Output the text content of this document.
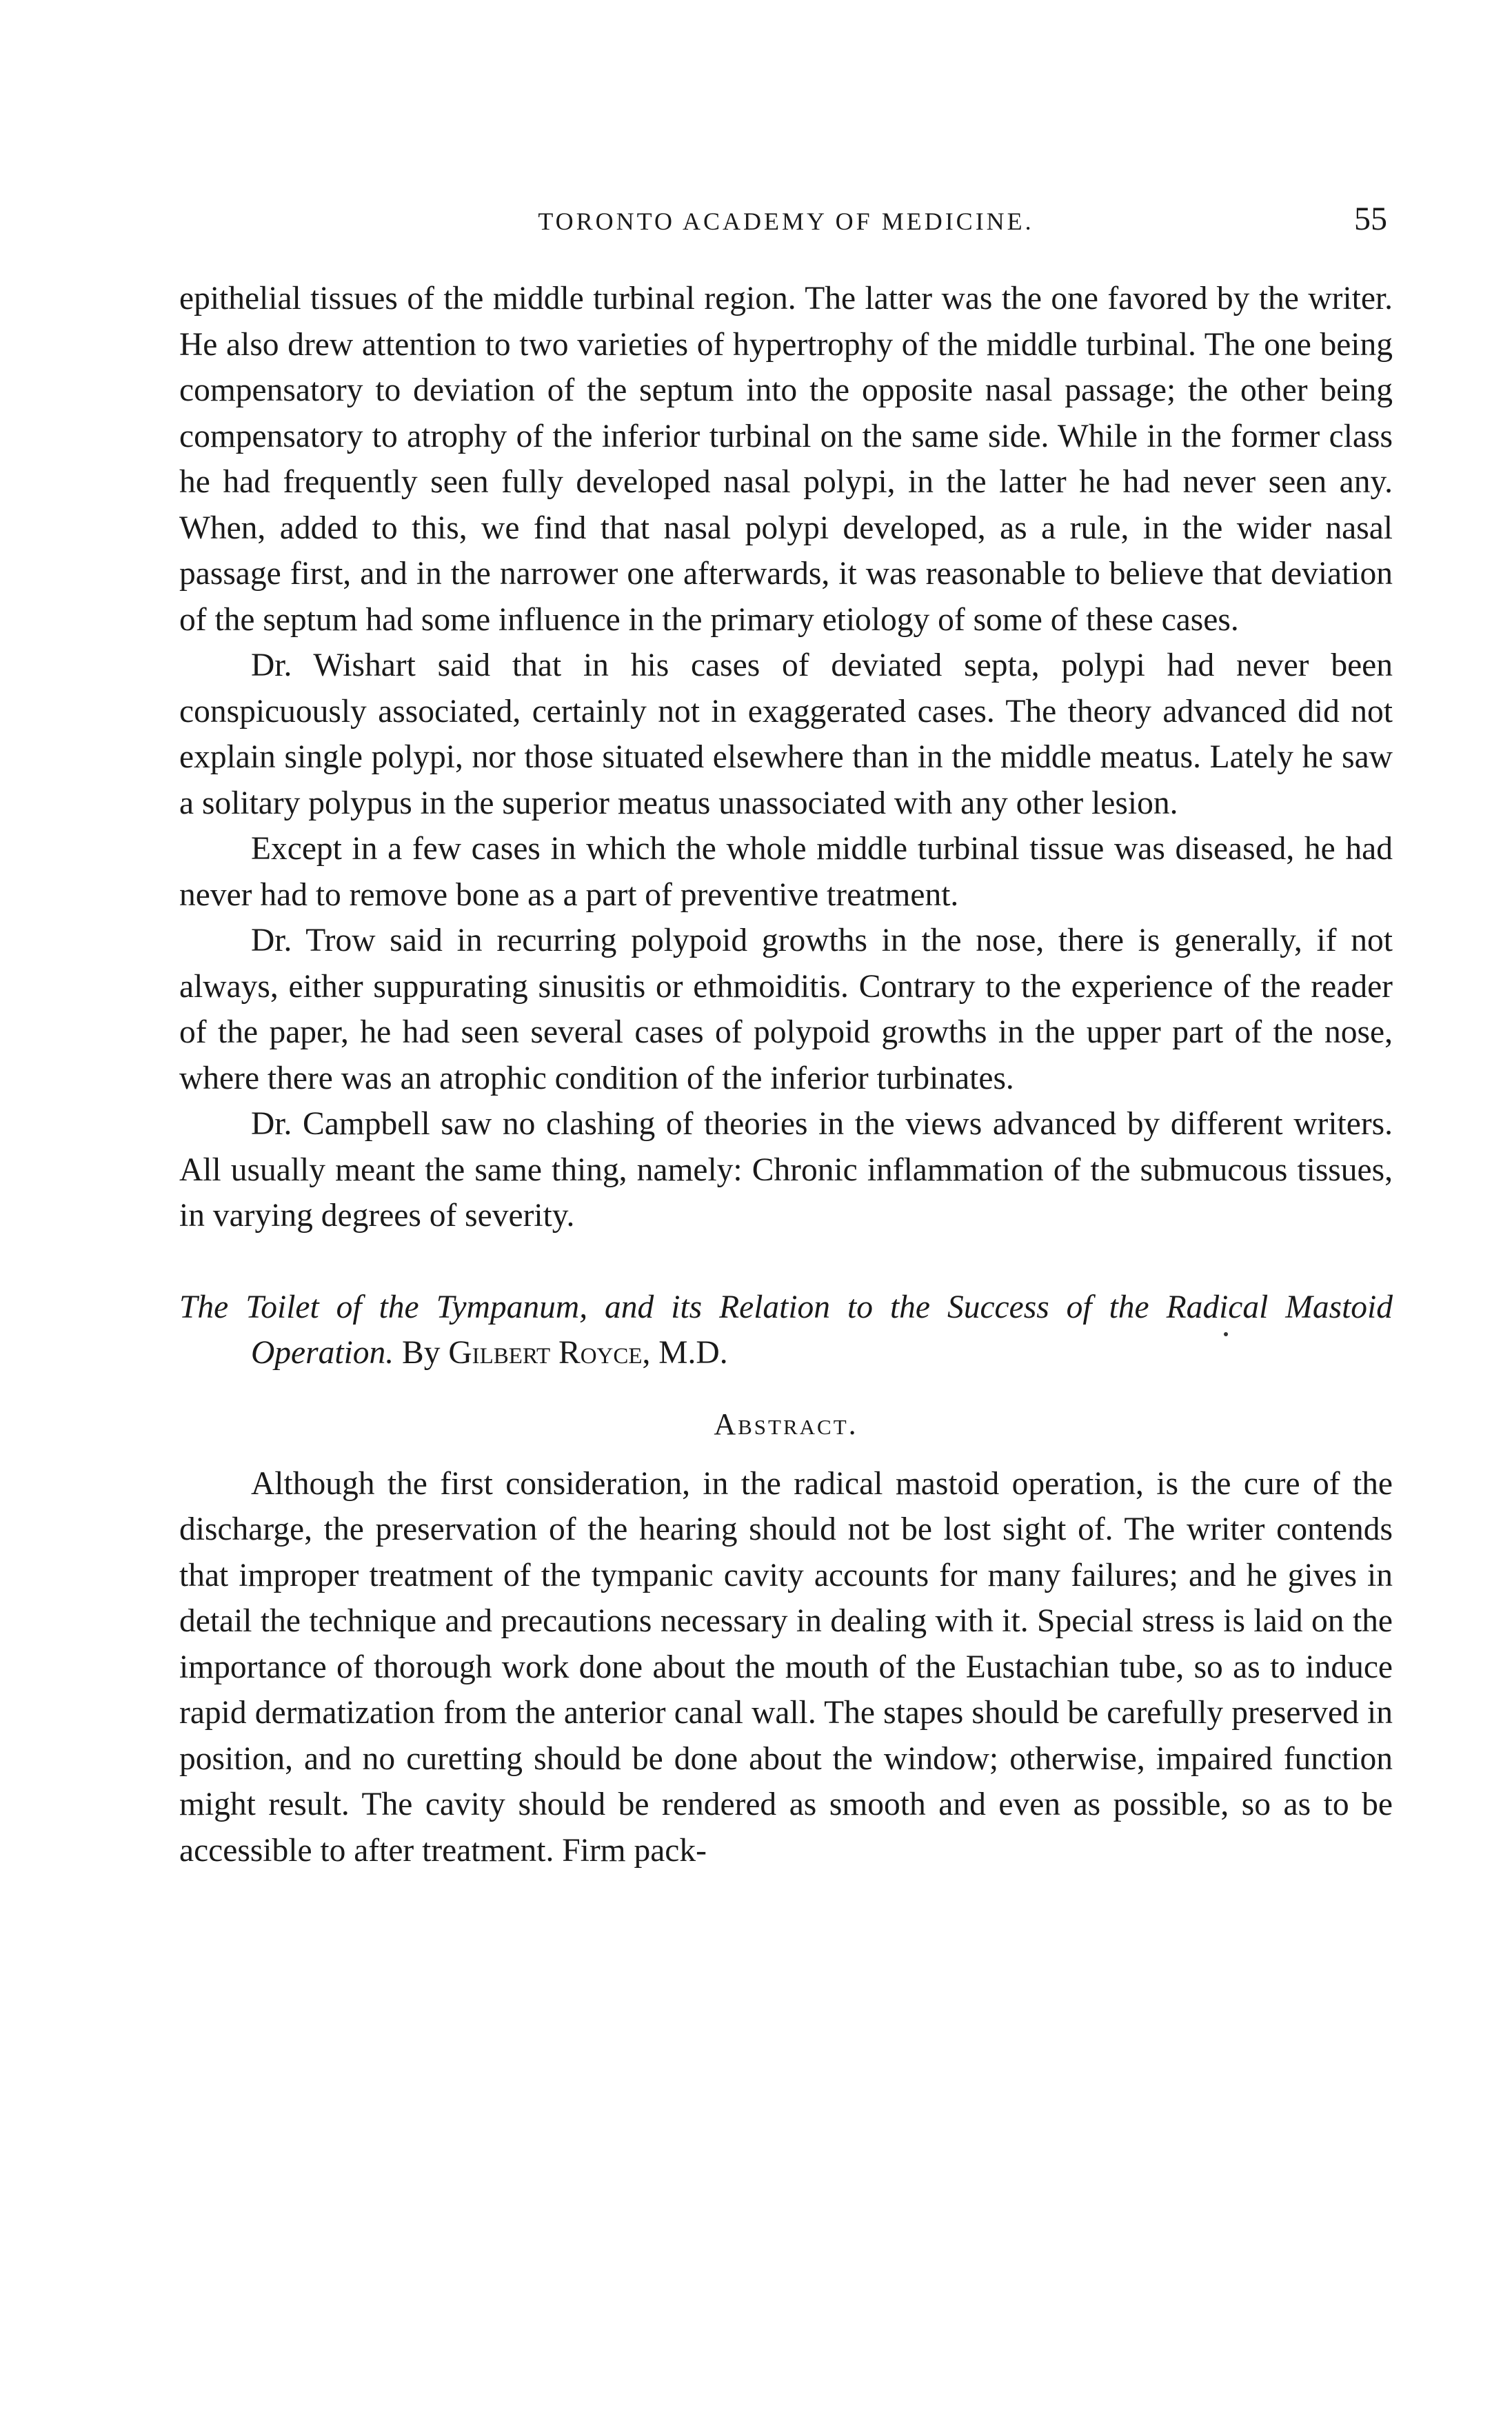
TORONTO ACADEMY OF MEDICINE.	55

epithelial tissues of the middle turbinal region. The latter was the one favored by the writer. He also drew attention to two varieties of hypertrophy of the middle turbinal. The one being compensatory to deviation of the septum into the opposite nasal passage; the other being compensatory to atrophy of the inferior turbinal on the same side. While in the former class he had frequently seen fully developed nasal polypi, in the latter he had never seen any. When, added to this, we find that nasal polypi developed, as a rule, in the wider nasal passage first, and in the narrower one afterwards, it was reasonable to believe that deviation of the septum had some influence in the primary etiology of some of these cases.

Dr. Wishart said that in his cases of deviated septa, polypi had never been conspicuously associated, certainly not in exaggerated cases. The theory advanced did not explain single polypi, nor those situated elsewhere than in the middle meatus. Lately he saw a solitary polypus in the superior meatus unassociated with any other lesion.

Except in a few cases in which the whole middle turbinal tissue was diseased, he had never had to remove bone as a part of preventive treatment.

Dr. Trow said in recurring polypoid growths in the nose, there is generally, if not always, either suppurating sinusitis or ethmoiditis. Contrary to the experience of the reader of the paper, he had seen several cases of polypoid growths in the upper part of the nose, where there was an atrophic condition of the inferior turbinates.

Dr. Campbell saw no clashing of theories in the views advanced by different writers. All usually meant the same thing, namely: Chronic inflammation of the submucous tissues, in varying degrees of severity.

The Toilet of the Tympanum, and its Relation to the Success of the Radical Mastoid Operation. By Gilbert Royce, M.D.
Abstract.

Although the first consideration, in the radical mastoid operation, is the cure of the discharge, the preservation of the hearing should not be lost sight of. The writer contends that improper treatment of the tympanic cavity accounts for many failures; and he gives in detail the technique and precautions necessary in dealing with it. Special stress is laid on the importance of thorough work done about the mouth of the Eustachian tube, so as to induce rapid dermatization from the anterior canal wall. The stapes should be carefully preserved in position, and no curetting should be done about the window; otherwise, impaired function might result. The cavity should be rendered as smooth and even as possible, so as to be accessible to after treatment. Firm pack-
